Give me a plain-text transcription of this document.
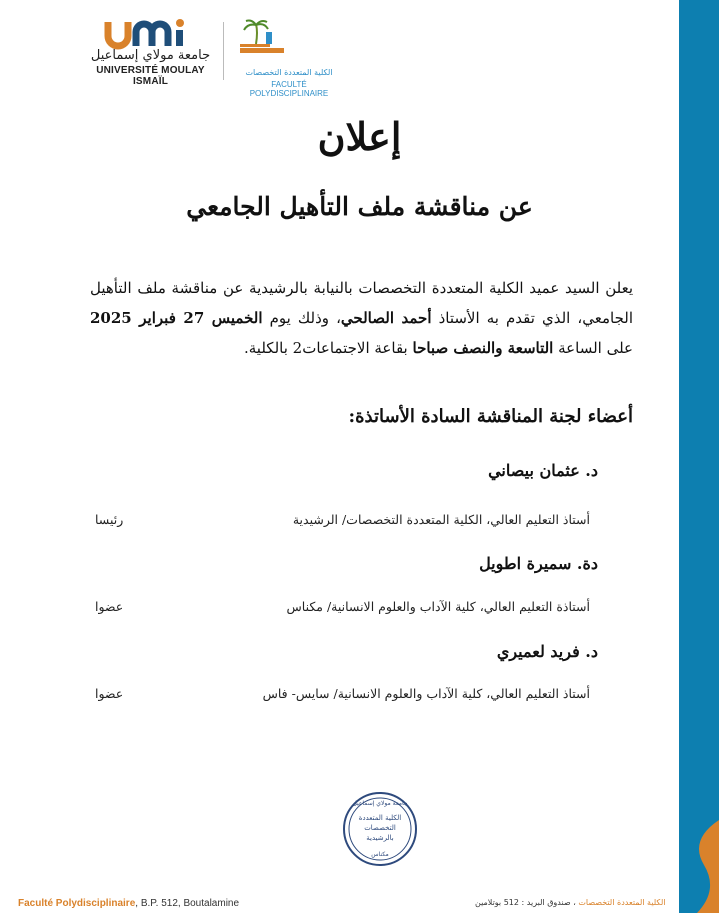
جامعة مولاي إسماعيل
UNIVERSITÉ MOULAY ISMAÏL
الكلية المتعددة التخصصات
FACULTÉ POLYDISCIPLINAIRE
إعلان
عن مناقشة ملف التأهيل الجامعي
يعلن السيد عميد الكلية المتعددة التخصصات بالنيابة بالرشيدية عن مناقشة ملف التأهيل الجامعي، الذي تقدم به الأستاذ أحمد الصالحي، وذلك يوم الخميس 27 فبراير 2025 على الساعة التاسعة والنصف صباحا بقاعة الاجتماعات2 بالكلية.
أعضاء لجنة المناقشة السادة الأساتذة:
د. عثمان بيصاني
أستاذ التعليم العالي، الكلية المتعددة التخصصات/ الرشيدية
رئيسا
دة. سميرة اطويل
أستاذة التعليم العالي، كلية الآداب والعلوم الانسانية/ مكناس
عضوا
د. فريد لعميري
أستاذ التعليم العالي، كلية الآداب والعلوم الانسانية/ سايس- فاس
عضوا
جامعة مولاي إسماعيل
الكلية المتعددة
التخصصات
بالرشيدية
مكناس
Faculté Polydisciplinaire, B.P. 512, Boutalamine	الكلية المتعددة التخصصات ، صندوق البريد : 512 بوتلامين
